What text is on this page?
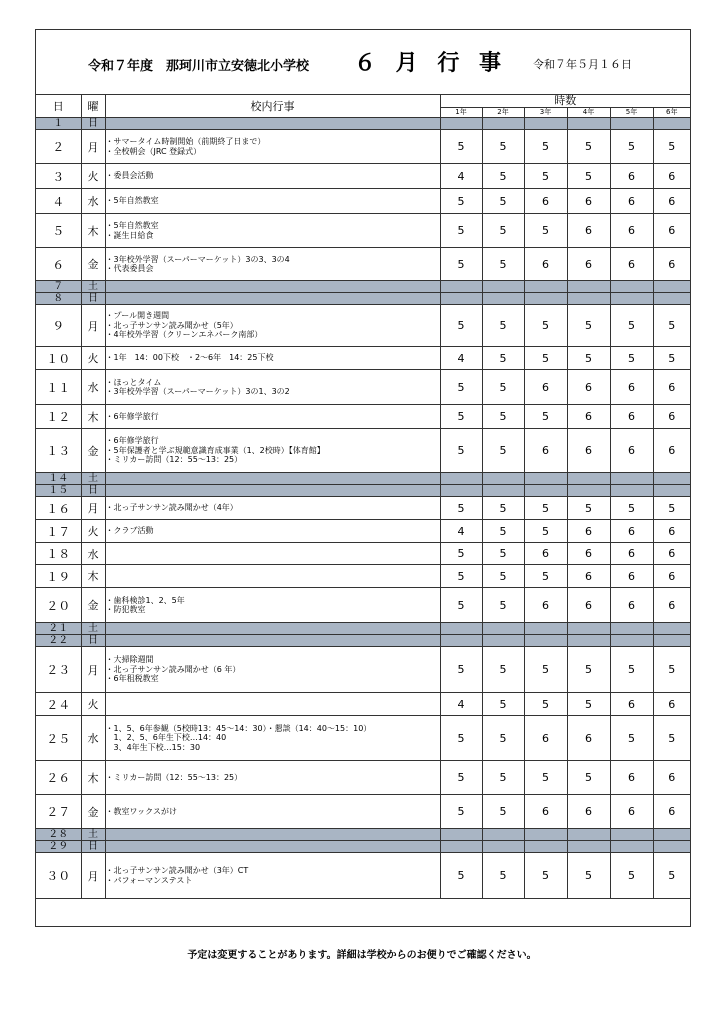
令和７年度　那珂川市立安徳北小学校 ６ 月 行 事 令和７年５月１６日
日	曜	校内行事	時数					
			1年	2年	3年	4年	5年	6年
１	日							
２	月	・サマータイム時制開始（前期終了日まで）
・全校朝会（JRC 登録式）	5	5	5	5	5	5
３	火	・委員会活動	4	5	5	5	6	6
４	水	・5年自然教室	5	5	6	6	6	6
５	木	・5年自然教室
・誕生日給食	5	5	5	6	6	6
６	金	・3年校外学習（スーパーマーケット）3の3、3の4
・代表委員会	5	5	6	6	6	6
７	土							
８	日							
９	月	・プール開き週間
・北っ子サンサン読み聞かせ（5年）
・4年校外学習（クリーンエネパーク南部）	5	5	5	5	5	5
１０	火	・1年　14：00下校　・2～6年　14：25下校	4	5	5	5	5	5
１１	水	・ほっとタイム
・3年校外学習（スーパーマーケット）3の1、3の2	5	5	6	6	6	6
１２	木	・6年修学旅行	5	5	5	6	6	6
１３	金	・6年修学旅行
・5年保護者と学ぶ規範意識育成事業（1、2校時）【体育館】
・ミリカー訪問（12：55～13：25）	5	5	6	6	6	6
１４	土							
１５	日							
１６	月	・北っ子サンサン読み聞かせ（4年）	5	5	5	5	5	5
１７	火	・クラブ活動	4	5	5	6	6	6
１８	水		5	5	6	6	6	6
１９	木		5	5	5	6	6	6
２０	金	・歯科検診1、2、5年
・防犯教室	5	5	6	6	6	6
２１	土							
２２	日							
２３	月	・大掃除週間
・北っ子サンサン読み聞かせ（6 年）
・6年租税教室	5	5	5	5	5	5
２４	火		4	5	5	5	6	6
２５	水	・1、5、6年参観（5校時13：45～14：30）・懇談（14：40～15：10）
　1、2、5、6年生下校…14：40
　3、4年生下校…15：30	5	5	6	6	5	5
２６	木	・ミリカー訪問（12：55～13：25）	5	5	5	5	6	6
２７	金	・教室ワックスがけ	5	5	6	6	6	6
２８	土							
２９	日							
３０	月	・北っ子サンサン読み聞かせ（3年）CT
・パフォーマンステスト	5	5	5	5	5	5
予定は変更することがあります。詳細は学校からのお便りでご確認ください。
